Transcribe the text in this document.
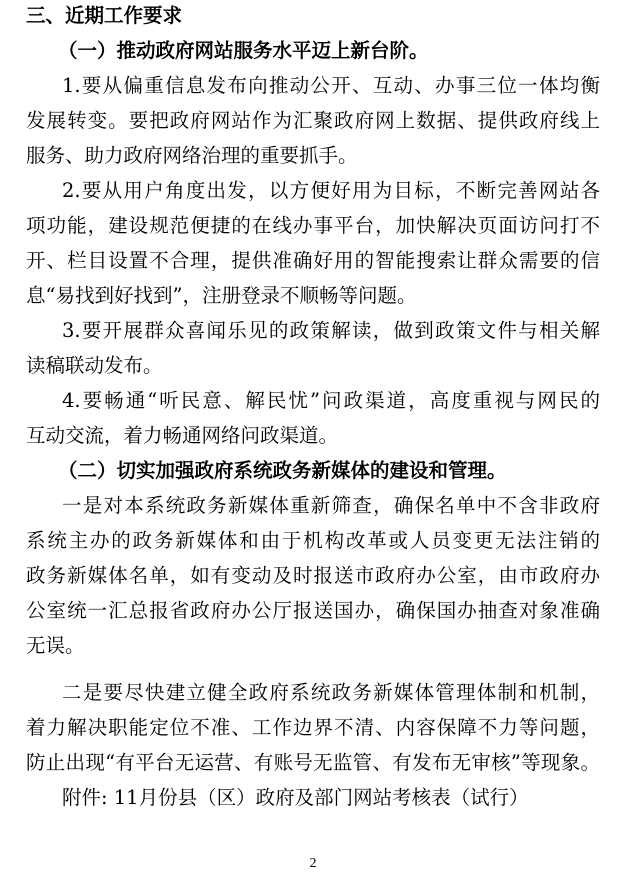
三、近期工作要求
（一）推动政府网站服务水平迈上新台阶。
1.要从偏重信息发布向推动公开、互动、办事三位一体均衡
发展转变。要把政府网站作为汇聚政府网上数据、提供政府线上
服务、助力政府网络治理的重要抓手。
2.要从用户角度出发，以方便好用为目标，不断完善网站各
项功能，建设规范便捷的在线办事平台，加快解决页面访问打不
开、栏目设置不合理，提供准确好用的智能搜索让群众需要的信
息“易找到好找到”，注册登录不顺畅等问题。
3.要开展群众喜闻乐见的政策解读，做到政策文件与相关解
读稿联动发布。
4.要畅通“听民意、解民忧”问政渠道，高度重视与网民的
互动交流，着力畅通网络问政渠道。
（二）切实加强政府系统政务新媒体的建设和管理。
一是对本系统政务新媒体重新筛查，确保名单中不含非政府
系统主办的政务新媒体和由于机构改革或人员变更无法注销的
政务新媒体名单，如有变动及时报送市政府办公室，由市政府办
公室统一汇总报省政府办公厅报送国办，确保国办抽查对象准确
无误。
二是要尽快建立健全政府系统政务新媒体管理体制和机制，
着力解决职能定位不准、工作边界不清、内容保障不力等问题，
防止出现“有平台无运营、有账号无监管、有发布无审核”等现象。
附件: 11月份县（区）政府及部门网站考核表（试行）
2
